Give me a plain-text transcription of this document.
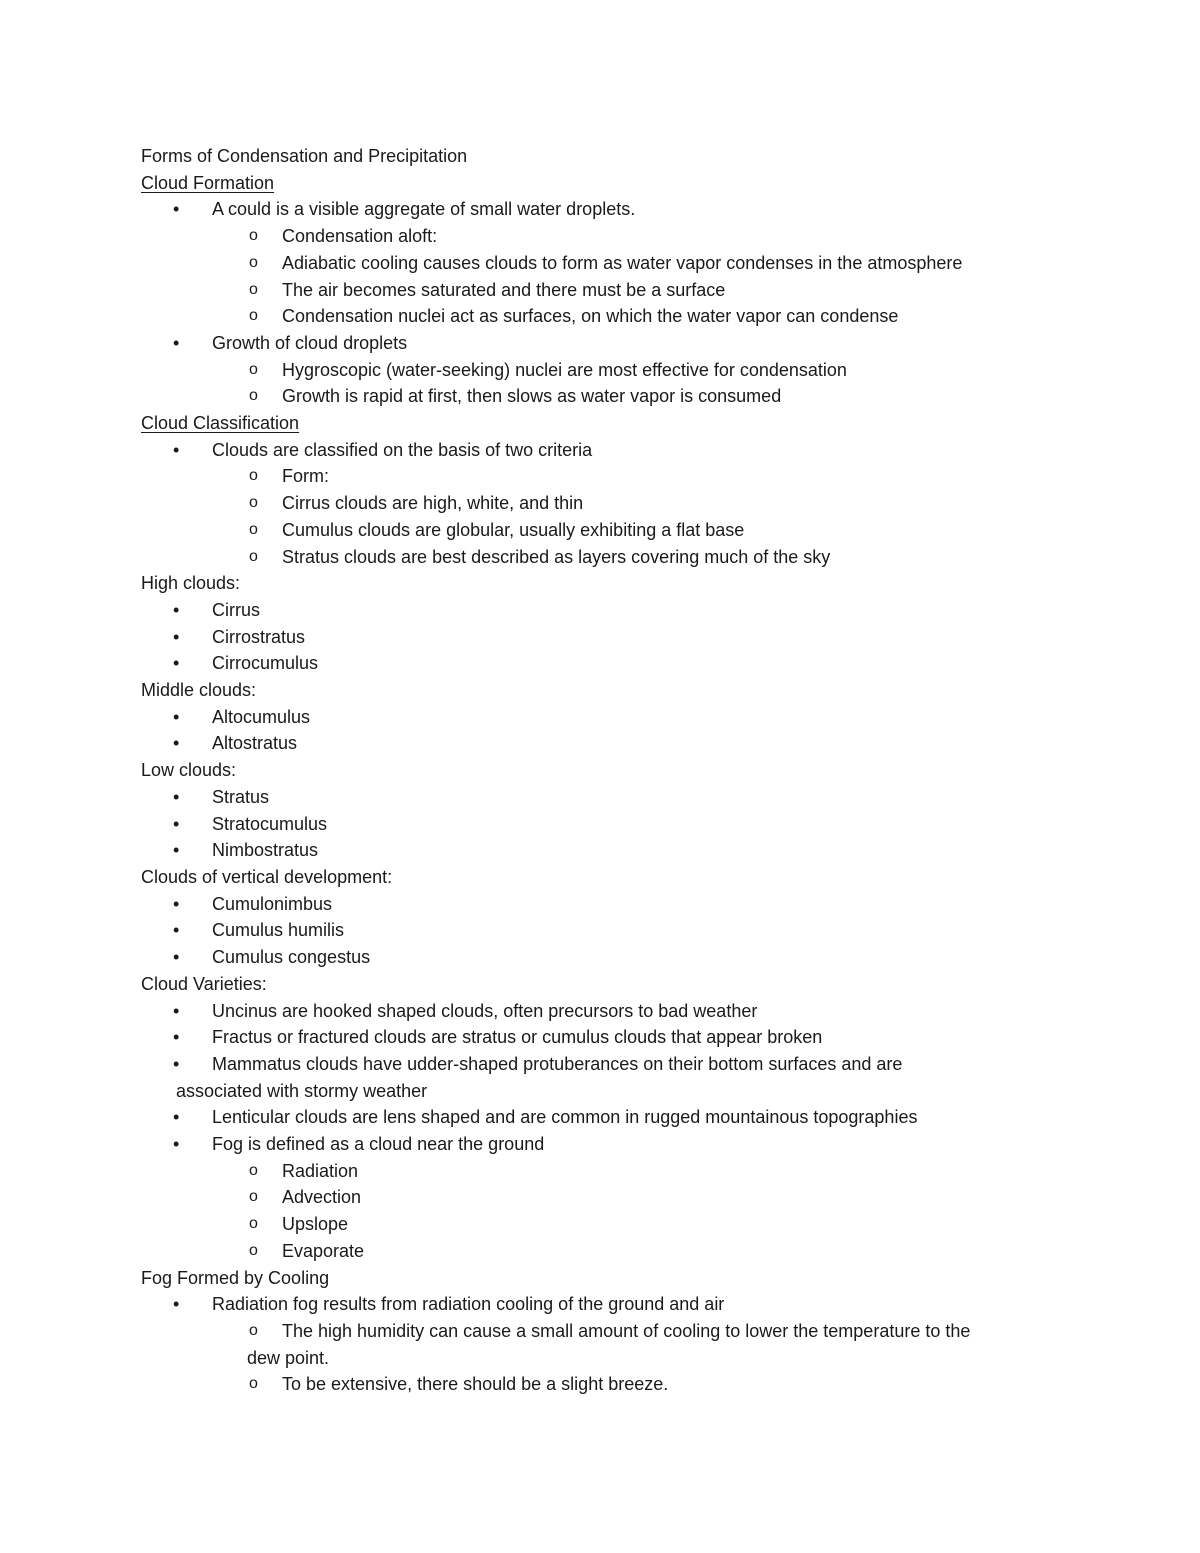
Forms of Condensation and Precipitation
Cloud Formation
• A could is a visible aggregate of small water droplets.
o Condensation aloft:
o Adiabatic cooling causes clouds to form as water vapor condenses in the atmosphere
o The air becomes saturated and there must be a surface
o Condensation nuclei act as surfaces, on which the water vapor can condense
• Growth of cloud droplets
o Hygroscopic (water-seeking) nuclei are most effective for condensation
o Growth is rapid at first, then slows as water vapor is consumed
Cloud Classification
• Clouds are classified on the basis of two criteria
o Form:
o Cirrus clouds are high, white, and thin
o Cumulus clouds are globular, usually exhibiting a flat base
o Stratus clouds are best described as layers covering much of the sky
High clouds:
• Cirrus
• Cirrostratus
• Cirrocumulus
Middle clouds:
• Altocumulus
• Altostratus
Low clouds:
• Stratus
• Stratocumulus
• Nimbostratus
Clouds of vertical development:
• Cumulonimbus
• Cumulus humilis
• Cumulus congestus
Cloud Varieties:
• Uncinus are hooked shaped clouds, often precursors to bad weather
• Fractus or fractured clouds are stratus or cumulus clouds that appear broken
• Mammatus clouds have udder-shaped protuberances on their bottom surfaces and are
associated with stormy weather
• Lenticular clouds are lens shaped and are common in rugged mountainous topographies
• Fog is defined as a cloud near the ground
o Radiation
o Advection
o Upslope
o Evaporate
Fog Formed by Cooling
• Radiation fog results from radiation cooling of the ground and air
o The high humidity can cause a small amount of cooling to lower the temperature to the
dew point.
o To be extensive, there should be a slight breeze.
